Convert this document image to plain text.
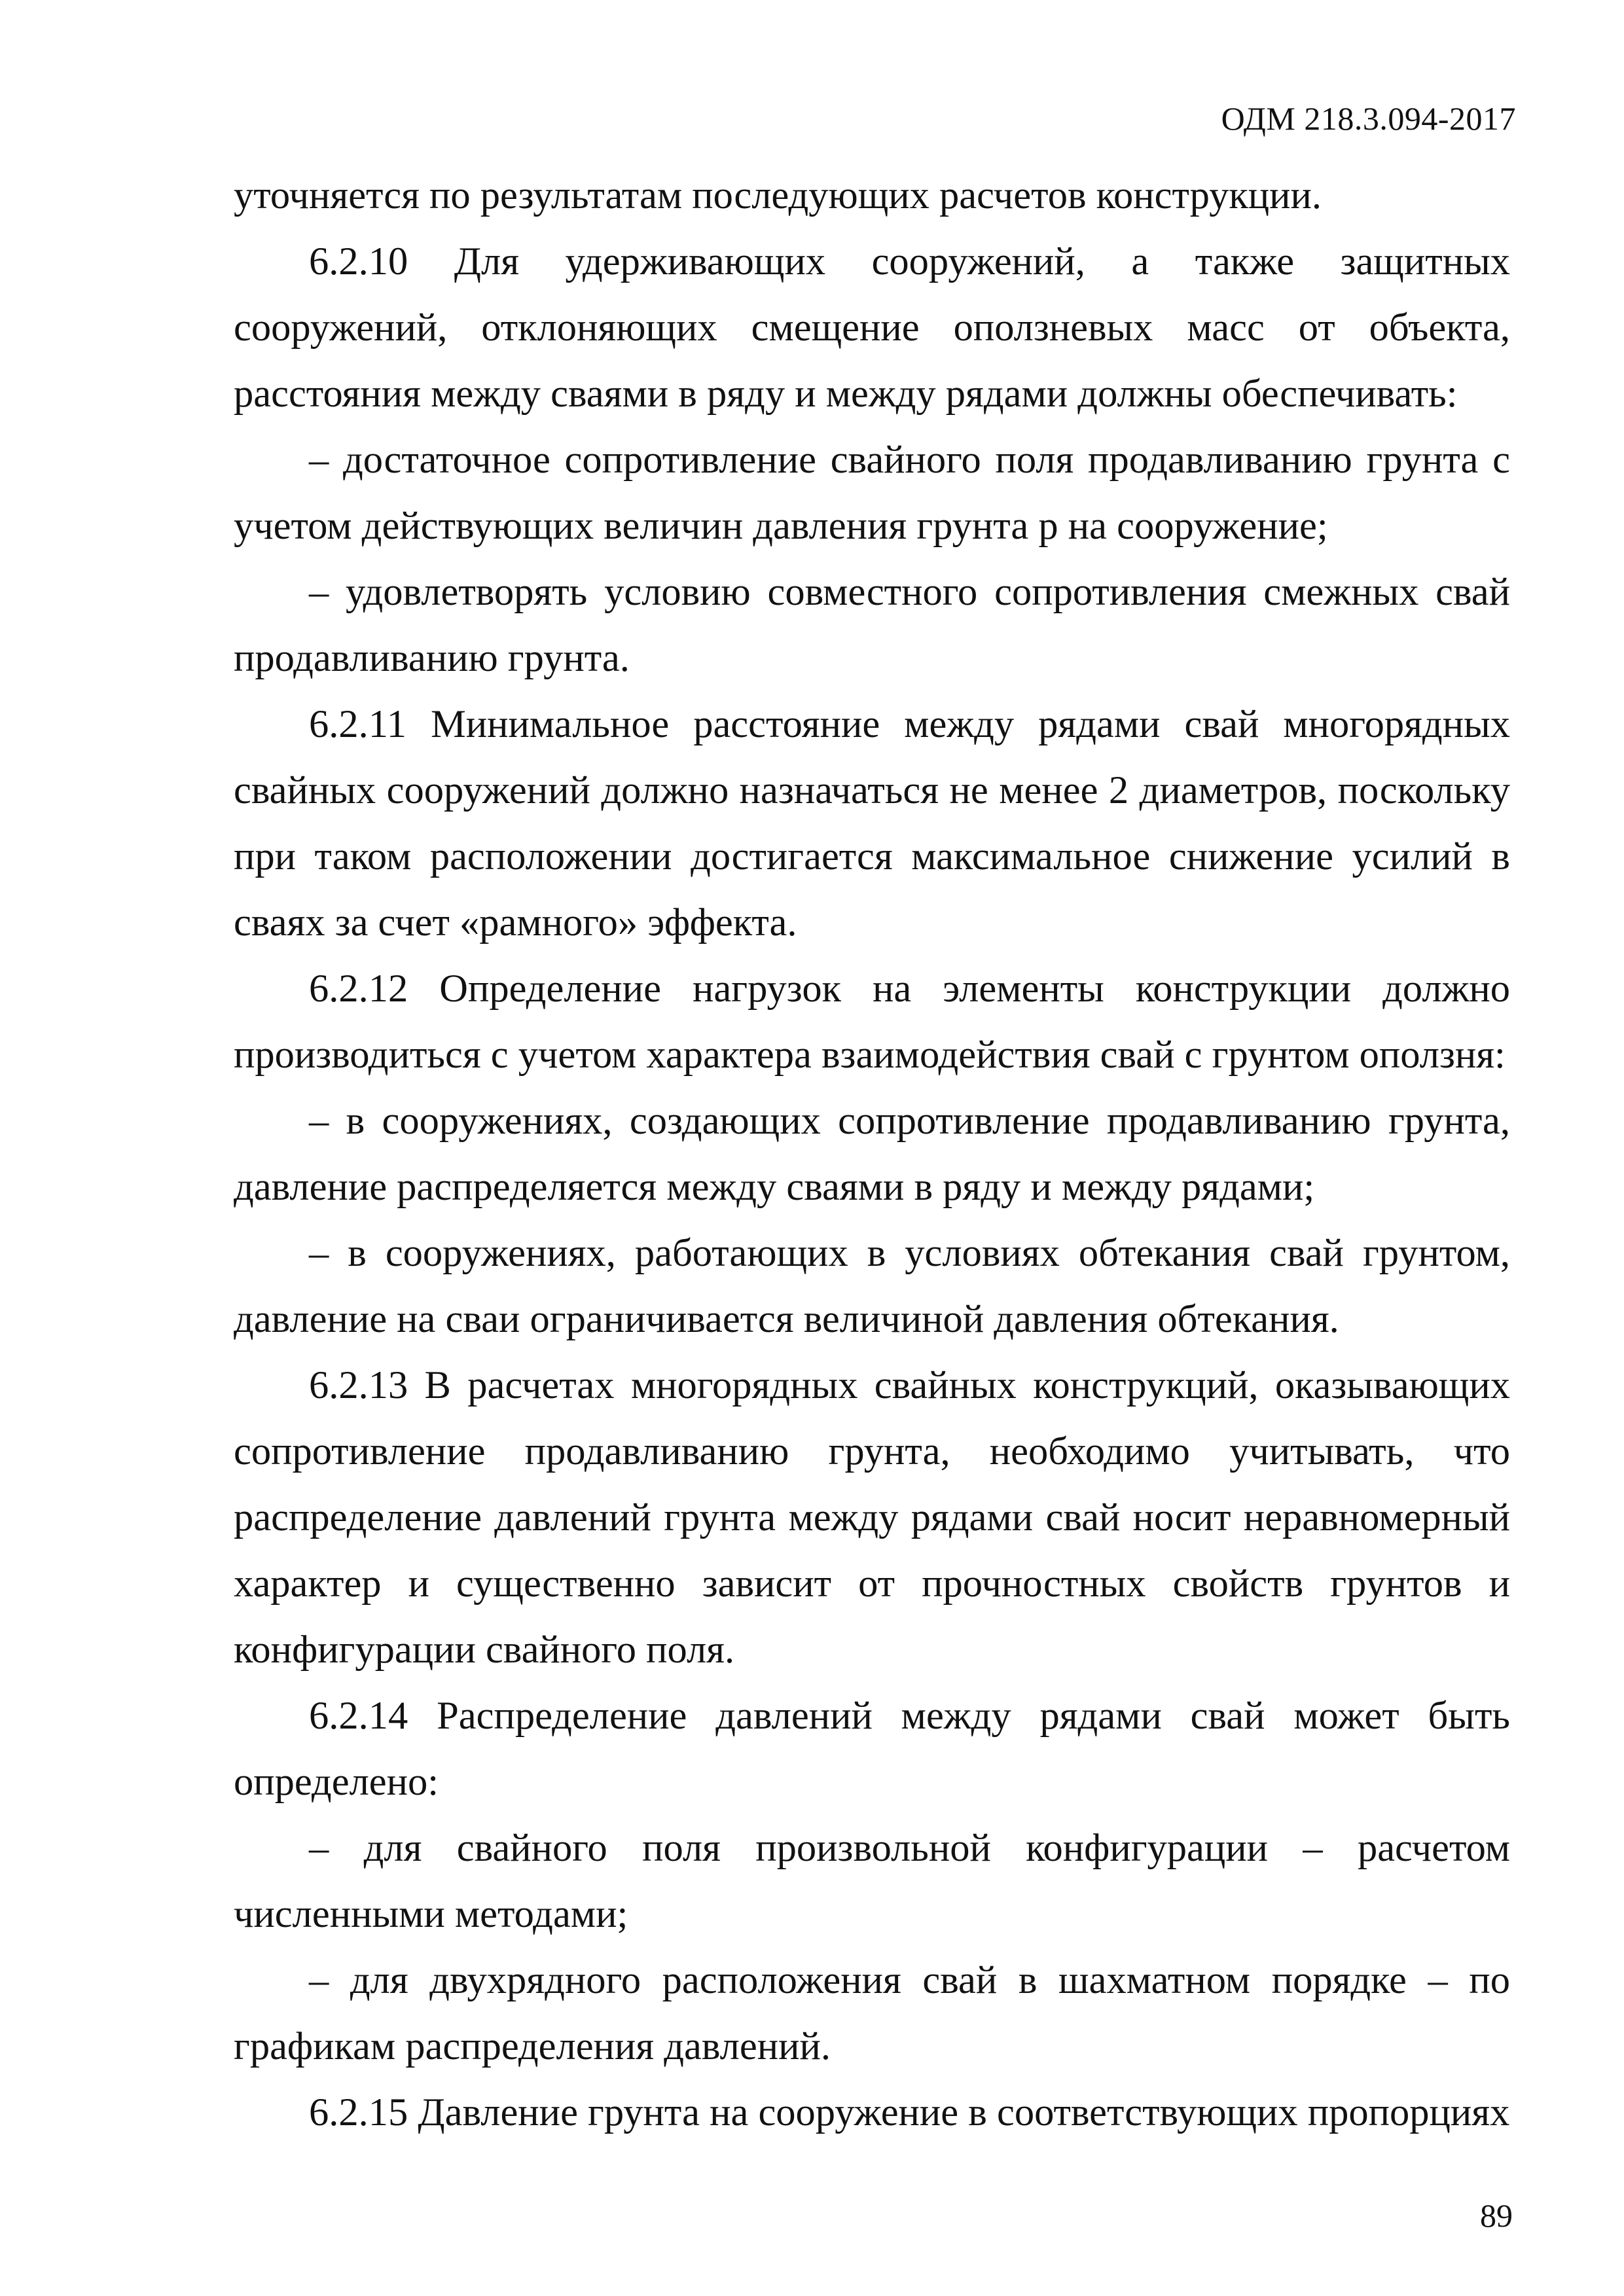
ОДМ 218.3.094-2017

уточняется по результатам последующих расчетов конструкции.

6.2.10 Для удерживающих сооружений, а также защитных сооружений, отклоняющих смещение оползневых масс от объекта, расстояния между сваями в ряду и между рядами должны обеспечивать:

– достаточное сопротивление свайного поля продавливанию грунта с учетом действующих величин давления грунта p на сооружение;

– удовлетворять условию совместного сопротивления смежных свай продавливанию грунта.

6.2.11 Минимальное расстояние между рядами свай многорядных свайных сооружений должно назначаться не менее 2 диаметров, поскольку при таком расположении достигается максимальное снижение усилий в сваях за счет «рамного» эффекта.

6.2.12 Определение нагрузок на элементы конструкции должно производиться с учетом характера взаимодействия свай с грунтом оползня:

– в сооружениях, создающих сопротивление продавливанию грунта, давление распределяется между сваями в ряду и между рядами;

– в сооружениях, работающих в условиях обтекания свай грунтом, давление на сваи ограничивается величиной давления обтекания.

6.2.13 В расчетах многорядных свайных конструкций, оказывающих сопротивление продавливанию грунта, необходимо учитывать, что распределение давлений грунта между рядами свай носит неравномерный характер и существенно зависит от прочностных свойств грунтов и конфигурации свайного поля.

6.2.14 Распределение давлений между рядами свай может быть определено:

– для свайного поля произвольной конфигурации – расчетом численными методами;

– для двухрядного расположения свай в шахматном порядке – по графикам распределения давлений.

6.2.15 Давление грунта на сооружение в соответствующих пропорциях

89
